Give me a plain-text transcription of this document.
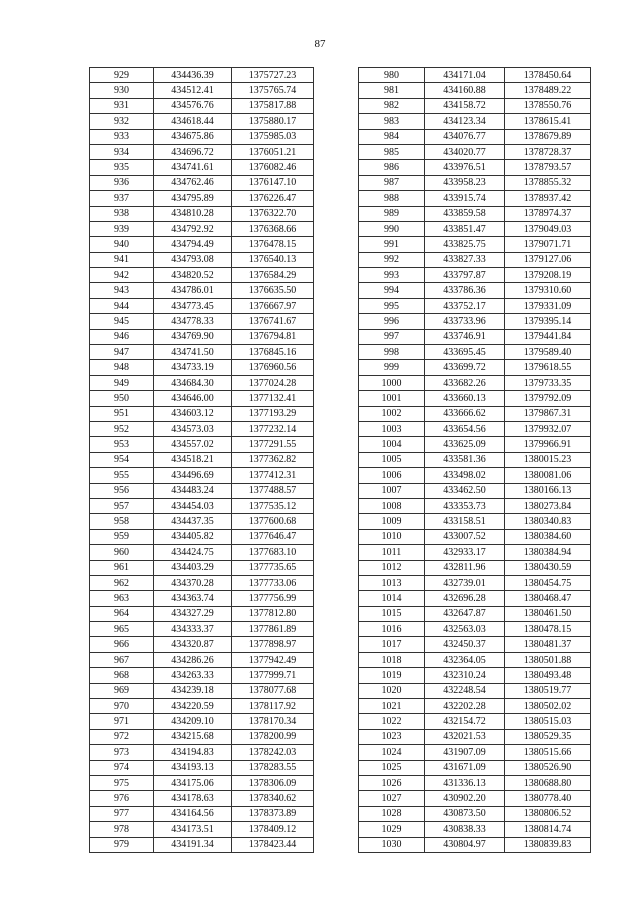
87
929	434436.39	1375727.23
930	434512.41	1375765.74
931	434576.76	1375817.88
932	434618.44	1375880.17
933	434675.86	1375985.03
934	434696.72	1376051.21
935	434741.61	1376082.46
936	434762.46	1376147.10
937	434795.89	1376226.47
938	434810.28	1376322.70
939	434792.92	1376368.66
940	434794.49	1376478.15
941	434793.08	1376540.13
942	434820.52	1376584.29
943	434786.01	1376635.50
944	434773.45	1376667.97
945	434778.33	1376741.67
946	434769.90	1376794.81
947	434741.50	1376845.16
948	434733.19	1376960.56
949	434684.30	1377024.28
950	434646.00	1377132.41
951	434603.12	1377193.29
952	434573.03	1377232.14
953	434557.02	1377291.55
954	434518.21	1377362.82
955	434496.69	1377412.31
956	434483.24	1377488.57
957	434454.03	1377535.12
958	434437.35	1377600.68
959	434405.82	1377646.47
960	434424.75	1377683.10
961	434403.29	1377735.65
962	434370.28	1377733.06
963	434363.74	1377756.99
964	434327.29	1377812.80
965	434333.37	1377861.89
966	434320.87	1377898.97
967	434286.26	1377942.49
968	434263.33	1377999.71
969	434239.18	1378077.68
970	434220.59	1378117.92
971	434209.10	1378170.34
972	434215.68	1378200.99
973	434194.83	1378242.03
974	434193.13	1378283.55
975	434175.06	1378306.09
976	434178.63	1378340.62
977	434164.56	1378373.89
978	434173.51	1378409.12
979	434191.34	1378423.44
980	434171.04	1378450.64
981	434160.88	1378489.22
982	434158.72	1378550.76
983	434123.34	1378615.41
984	434076.77	1378679.89
985	434020.77	1378728.37
986	433976.51	1378793.57
987	433958.23	1378855.32
988	433915.74	1378937.42
989	433859.58	1378974.37
990	433851.47	1379049.03
991	433825.75	1379071.71
992	433827.33	1379127.06
993	433797.87	1379208.19
994	433786.36	1379310.60
995	433752.17	1379331.09
996	433733.96	1379395.14
997	433746.91	1379441.84
998	433695.45	1379589.40
999	433699.72	1379618.55
1000	433682.26	1379733.35
1001	433660.13	1379792.09
1002	433666.62	1379867.31
1003	433654.56	1379932.07
1004	433625.09	1379966.91
1005	433581.36	1380015.23
1006	433498.02	1380081.06
1007	433462.50	1380166.13
1008	433353.73	1380273.84
1009	433158.51	1380340.83
1010	433007.52	1380384.60
1011	432933.17	1380384.94
1012	432811.96	1380430.59
1013	432739.01	1380454.75
1014	432696.28	1380468.47
1015	432647.87	1380461.50
1016	432563.03	1380478.15
1017	432450.37	1380481.37
1018	432364.05	1380501.88
1019	432310.24	1380493.48
1020	432248.54	1380519.77
1021	432202.28	1380502.02
1022	432154.72	1380515.03
1023	432021.53	1380529.35
1024	431907.09	1380515.66
1025	431671.09	1380526.90
1026	431336.13	1380688.80
1027	430902.20	1380778.40
1028	430873.50	1380806.52
1029	430838.33	1380814.74
1030	430804.97	1380839.83
